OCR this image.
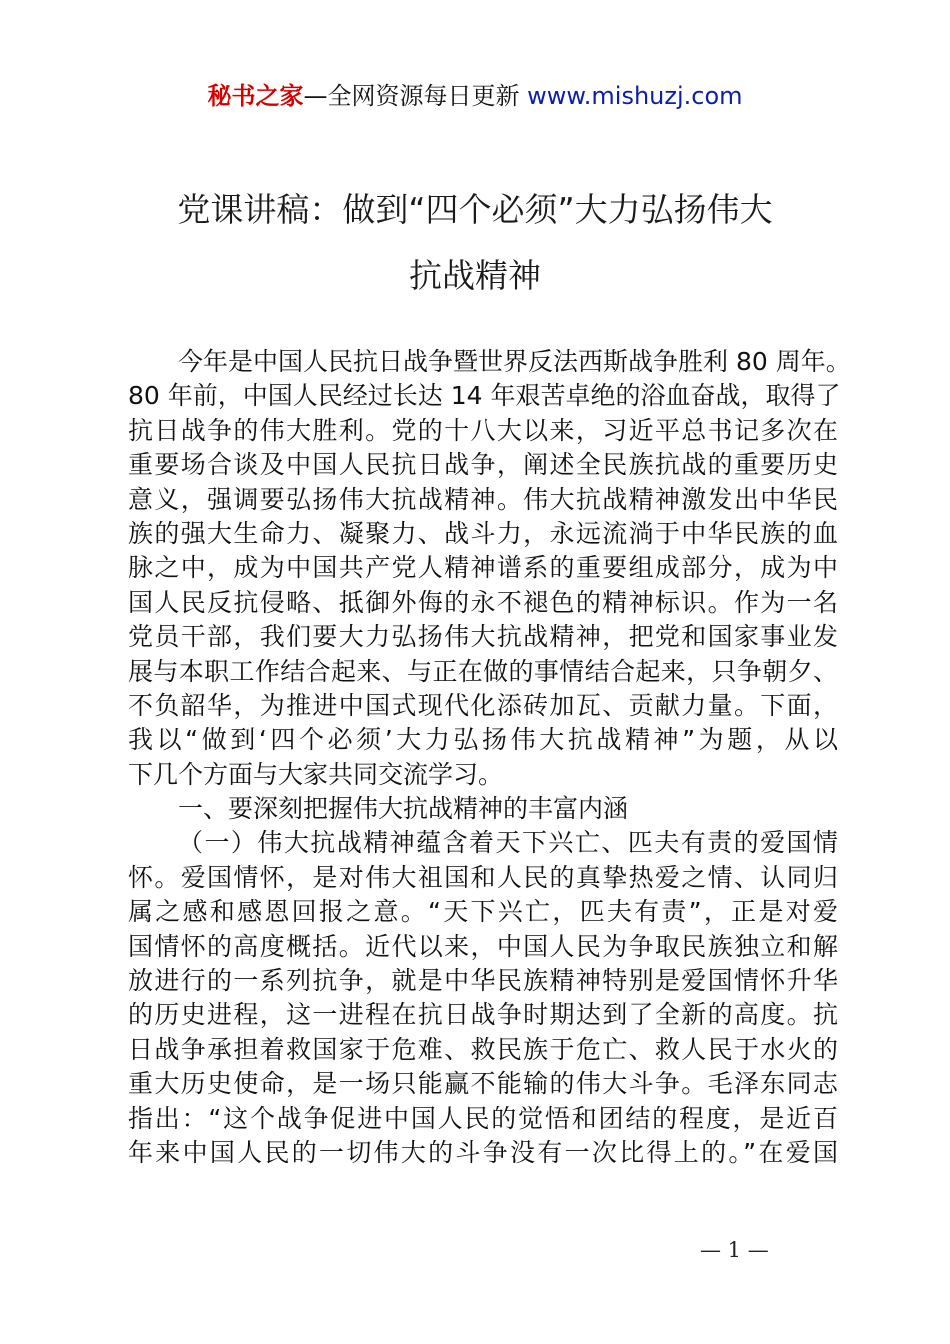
秘书之家—全网资源每日更新 www.mishuzj.com
党课讲稿：做到“四个必须”大力弘扬伟大
抗战精神
今年是中国人民抗日战争暨世界反法西斯战争胜利 80 周年。
80 年前，中国人民经过长达 14 年艰苦卓绝的浴血奋战，取得了
抗日战争的伟大胜利。党的十八大以来，习近平总书记多次在
重要场合谈及中国人民抗日战争，阐述全民族抗战的重要历史
意义，强调要弘扬伟大抗战精神。伟大抗战精神激发出中华民
族的强大生命力、凝聚力、战斗力，永远流淌于中华民族的血
脉之中，成为中国共产党人精神谱系的重要组成部分，成为中
国人民反抗侵略、抵御外侮的永不褪色的精神标识。作为一名
党员干部，我们要大力弘扬伟大抗战精神，把党和国家事业发
展与本职工作结合起来、与正在做的事情结合起来，只争朝夕、
不负韶华，为推进中国式现代化添砖加瓦、贡献力量。下面，
我以“做到‘四个必须’大力弘扬伟大抗战精神”为题，从以
下几个方面与大家共同交流学习。
一、要深刻把握伟大抗战精神的丰富内涵
（一）伟大抗战精神蕴含着天下兴亡、匹夫有责的爱国情
怀。爱国情怀，是对伟大祖国和人民的真挚热爱之情、认同归
属之感和感恩回报之意。“天下兴亡，匹夫有责”，正是对爱
国情怀的高度概括。近代以来，中国人民为争取民族独立和解
放进行的一系列抗争，就是中华民族精神特别是爱国情怀升华
的历史进程，这一进程在抗日战争时期达到了全新的高度。抗
日战争承担着救国家于危难、救民族于危亡、救人民于水火的
重大历史使命，是一场只能赢不能输的伟大斗争。毛泽东同志
指出：“这个战争促进中国人民的觉悟和团结的程度，是近百
年来中国人民的一切伟大的斗争没有一次比得上的。”在爱国
— 1 —
